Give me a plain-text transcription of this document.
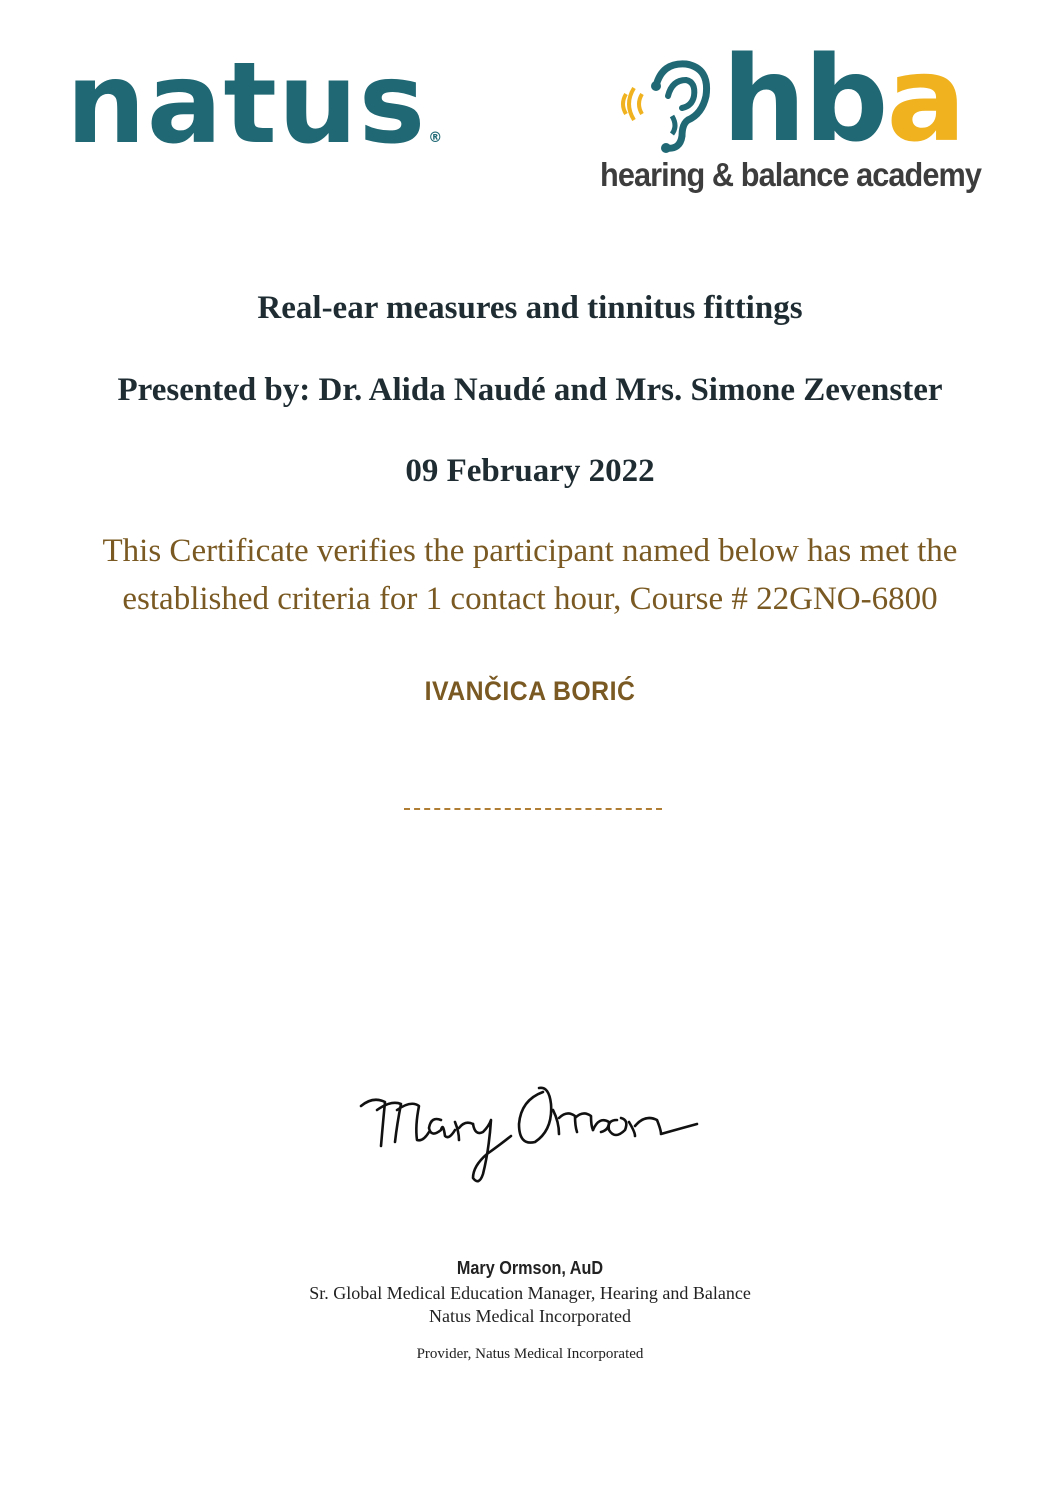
natus ® hba
hearing & balance academy
Real-ear measures and tinnitus fittings
Presented by: Dr. Alida Naudé and Mrs. Simone Zevenster
09 February 2022
This Certificate verifies the participant named below has met the
established criteria for 1 contact hour, Course # 22GNO-6800
IVANČICA BORIĆ
Mary Ormson, AuD
Sr. Global Medical Education Manager, Hearing and Balance
Natus Medical Incorporated
Provider, Natus Medical Incorporated
